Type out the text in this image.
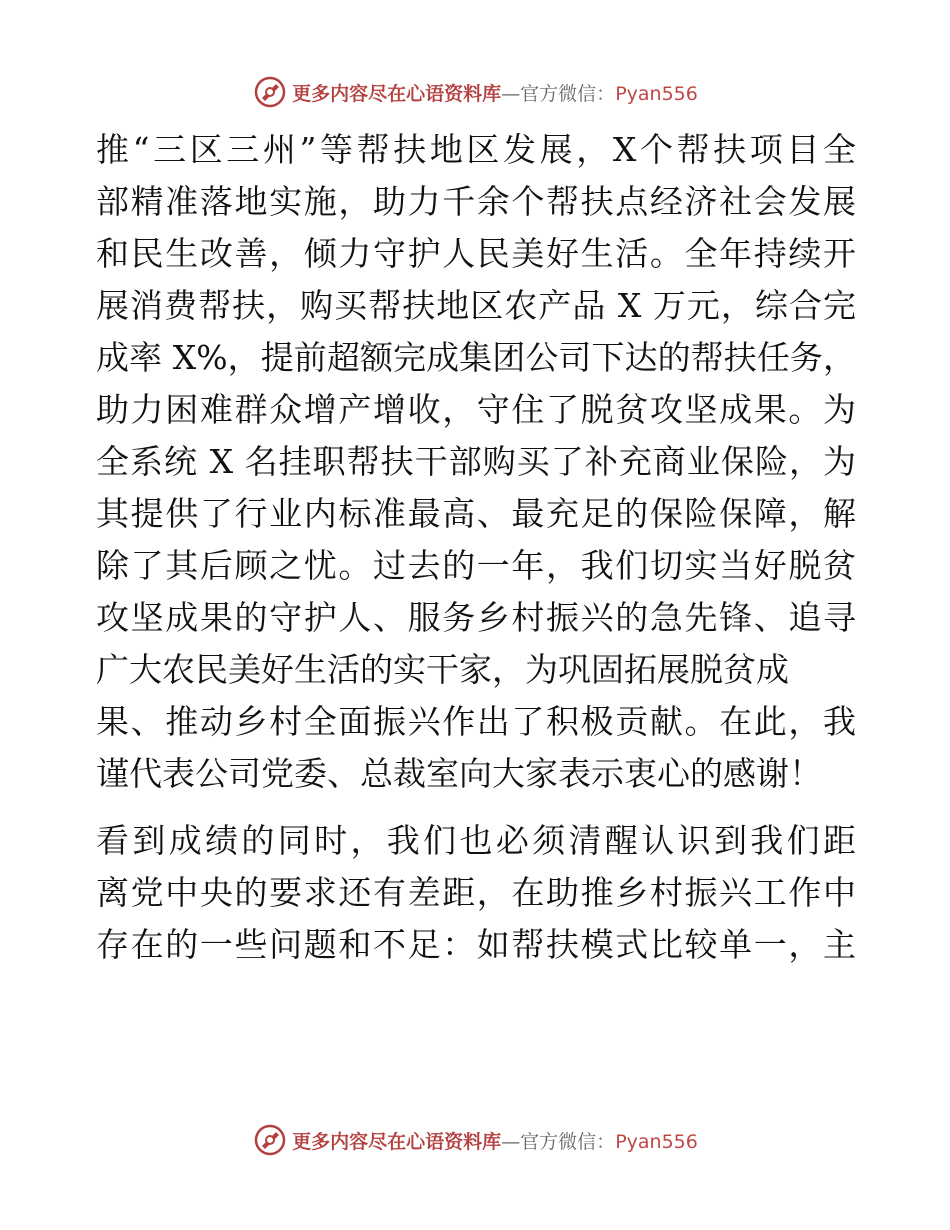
更多内容尽在心语资料库—官方微信：Pyan556
推“三区三州”等帮扶地区发展，X个帮扶项目全
部精准落地实施，助力千余个帮扶点经济社会发展
和民生改善，倾力守护人民美好生活。全年持续开
展消费帮扶，购买帮扶地区农产品 X 万元，综合完
成率 X%，提前超额完成集团公司下达的帮扶任务，
助力困难群众增产增收，守住了脱贫攻坚成果。为
全系统 X 名挂职帮扶干部购买了补充商业保险，为
其提供了行业内标准最高、最充足的保险保障，解
除了其后顾之忧。过去的一年，我们切实当好脱贫
攻坚成果的守护人、服务乡村振兴的急先锋、追寻
广大农民美好生活的实干家，为巩固拓展脱贫成
果、推动乡村全面振兴作出了积极贡献。在此，我
谨代表公司党委、总裁室向大家表示衷心的感谢！
看到成绩的同时，我们也必须清醒认识到我们距
离党中央的要求还有差距，在助推乡村振兴工作中
存在的一些问题和不足：如帮扶模式比较单一，主
更多内容尽在心语资料库—官方微信：Pyan556
